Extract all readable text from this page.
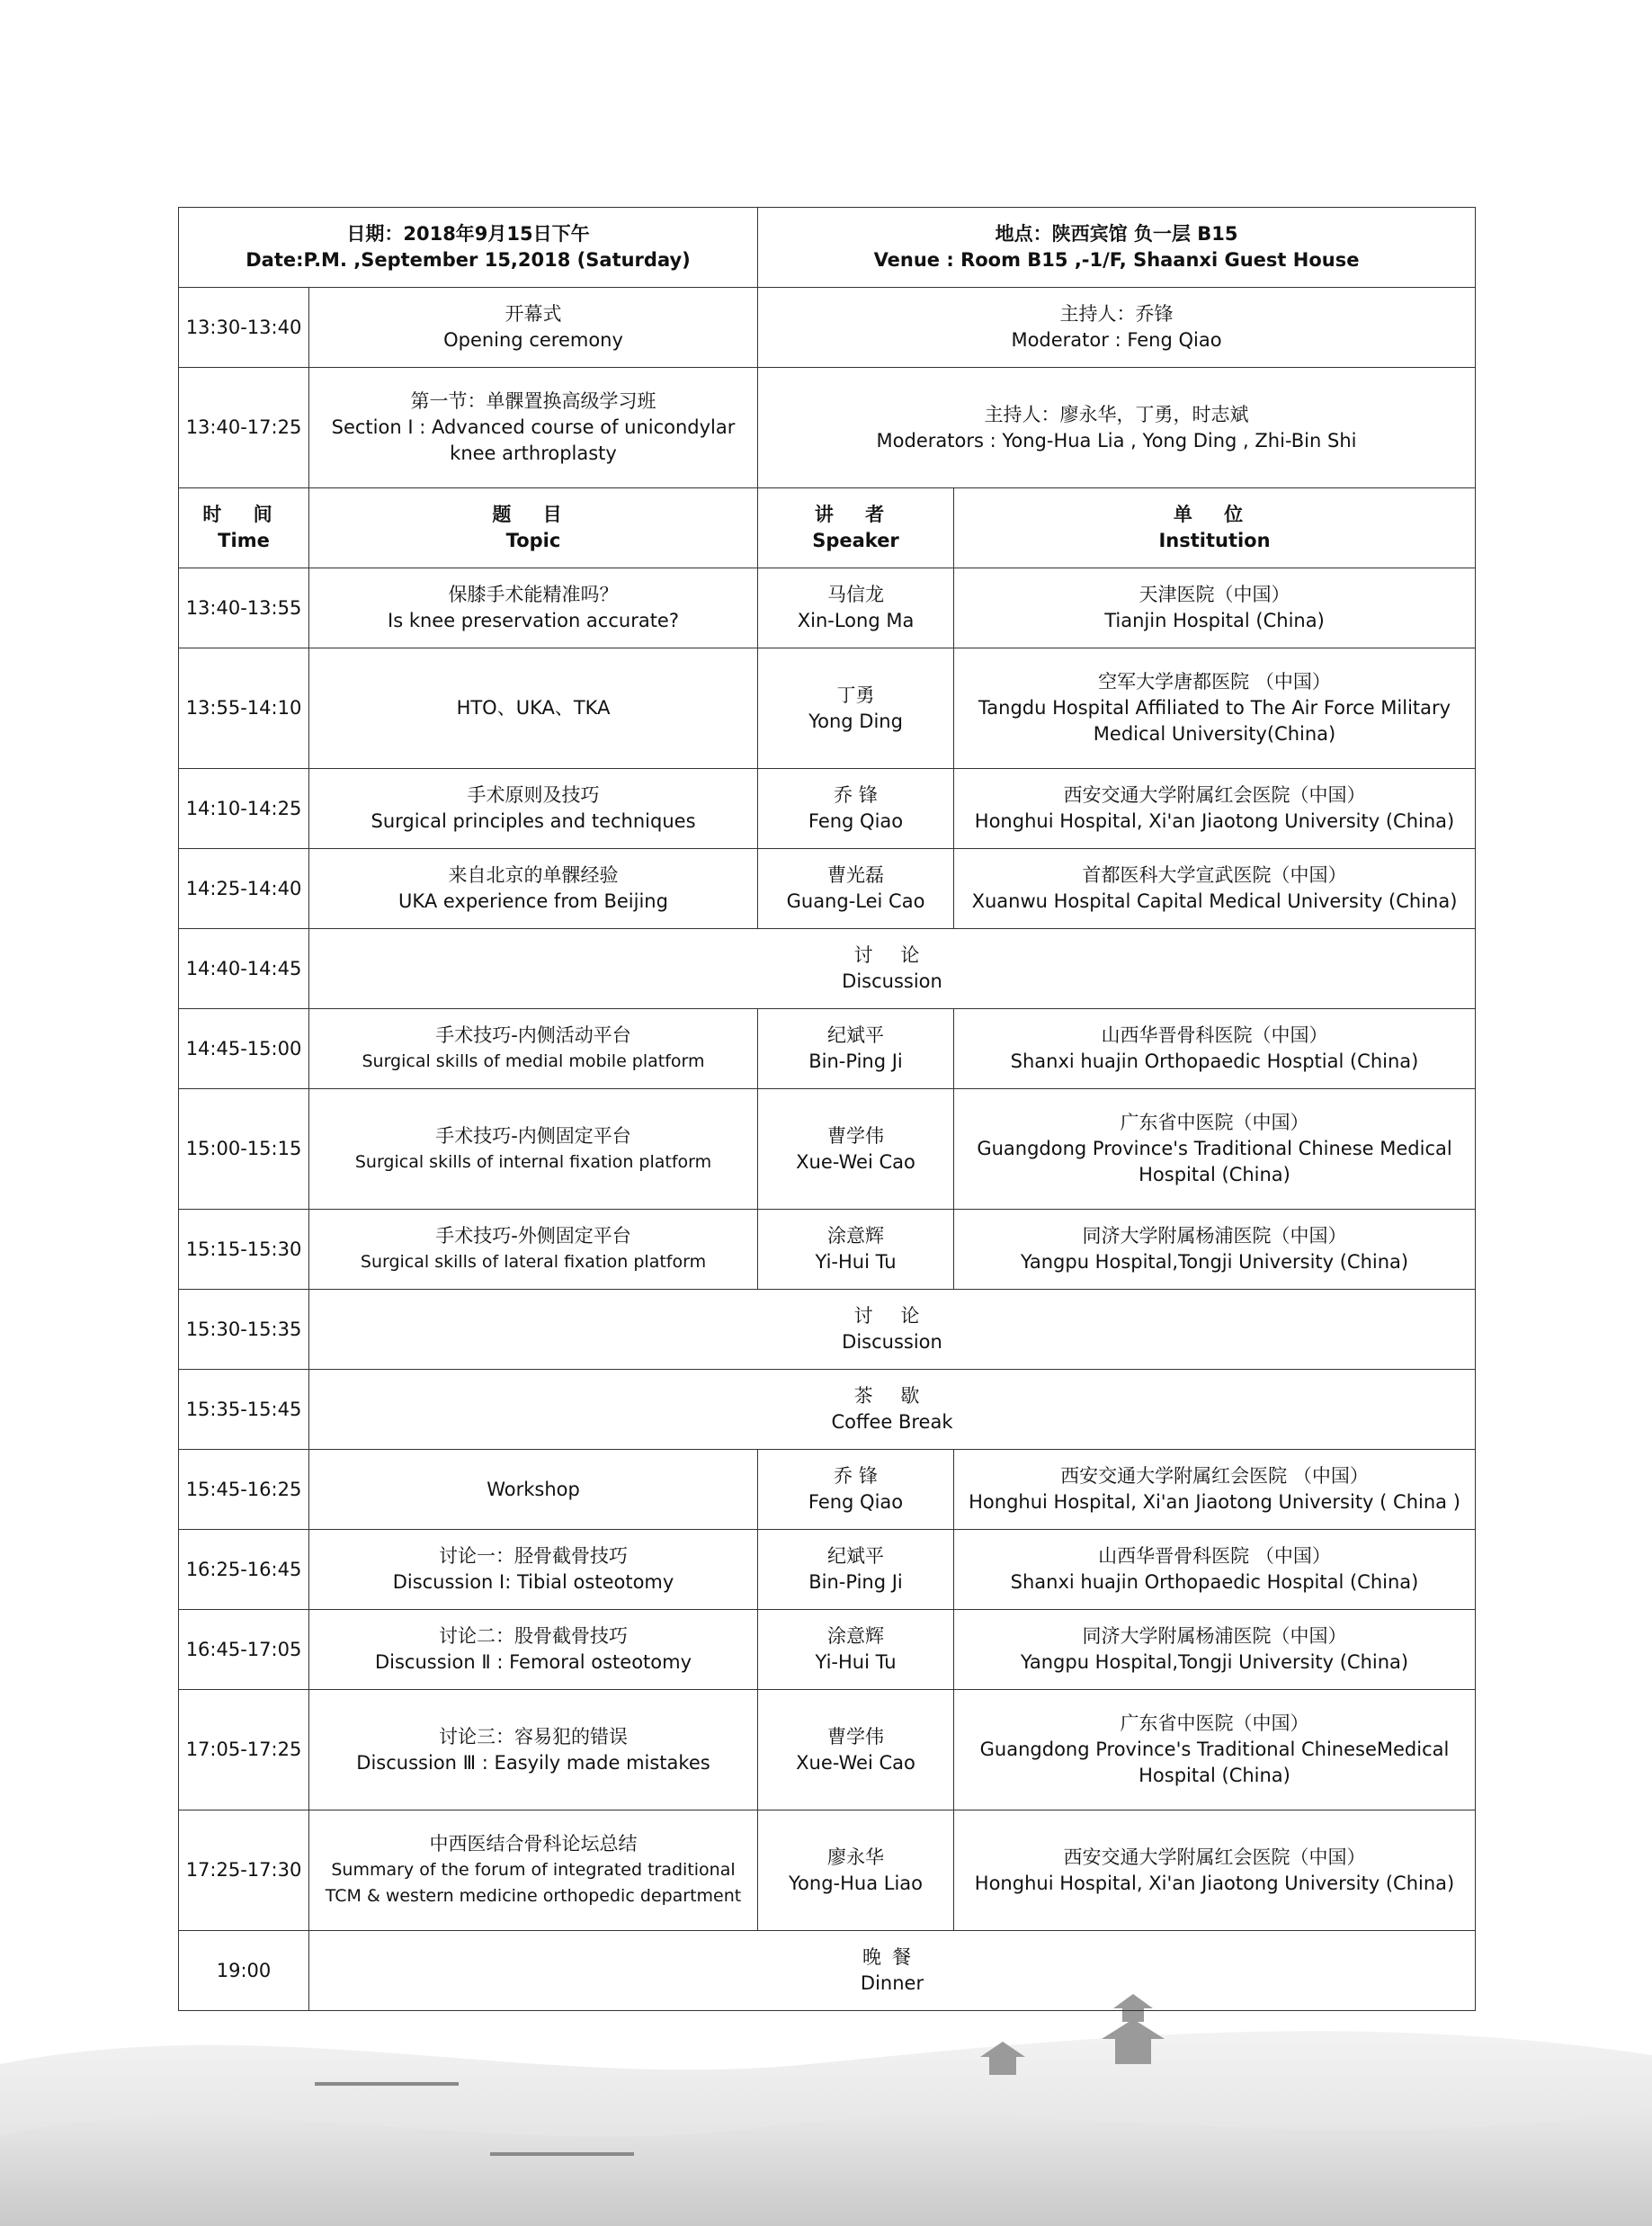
日期：2018年9月15日下午
Date:P.M. ,September 15,2018 (Saturday)		地点：陕西宾馆 负一层 B15
Venue : Room B15 ,-1/F, Shaanxi Guest House	

13:30-13:40	开幕式
Opening ceremony	主持人：乔锋
Moderator : Feng Qiao	

13:40-17:25	第一节：单髁置换高级学习班
Section Ⅰ : Advanced course of unicondylar
knee arthroplasty	主持人：廖永华，丁勇，时志斌
Moderators : Yong-Hua Lia , Yong Ding , Zhi-Bin Shi	

时 间
Time	题 目
Topic	讲 者
Speaker	单 位
Institution

13:40-13:55	保膝手术能精准吗？
Is knee preservation accurate?	马信龙
Xin-Long Ma	天津医院（中国）
Tianjin Hospital (China)

13:55-14:10	HTO、UKA、TKA	丁勇
Yong Ding	空军大学唐都医院 （中国）
Tangdu Hospital Affiliated to The Air Force Military
Medical University(China)

14:10-14:25	手术原则及技巧
Surgical principles and techniques	乔 锋
Feng Qiao	西安交通大学附属红会医院（中国）
Honghui Hospital, Xi'an Jiaotong University (China)

14:25-14:40	来自北京的单髁经验
UKA experience from Beijing	曹光磊
Guang-Lei Cao	首都医科大学宣武医院（中国）
Xuanwu Hospital Capital Medical University (China)

14:40-14:45	讨 论
Discussion		

14:45-15:00	手术技巧-内侧活动平台
Surgical skills of medial mobile platform	纪斌平
Bin-Ping Ji	山西华晋骨科医院（中国）
Shanxi huajin Orthopaedic Hosptial (China)

15:00-15:15	手术技巧-内侧固定平台
Surgical skills of internal fixation platform	曹学伟
Xue-Wei Cao	广东省中医院（中国）
Guangdong Province's Traditional Chinese Medical
Hospital (China)

15:15-15:30	手术技巧-外侧固定平台
Surgical skills of lateral fixation platform	涂意辉
Yi-Hui Tu	同济大学附属杨浦医院（中国）
Yangpu Hospital,Tongji University (China)

15:30-15:35	讨 论
Discussion		

15:35-15:45	茶 歇
Coffee Break		

15:45-16:25	Workshop	乔 锋
Feng Qiao	西安交通大学附属红会医院 （中国）
Honghui Hospital, Xi'an Jiaotong University ( China )

16:25-16:45	讨论一：胫骨截骨技巧
Discussion Ⅰ: Tibial osteotomy	纪斌平
Bin-Ping Ji	山西华晋骨科医院 （中国）
Shanxi huajin Orthopaedic Hospital (China)

16:45-17:05	讨论二：股骨截骨技巧
Discussion Ⅱ : Femoral osteotomy	涂意辉
Yi-Hui Tu	同济大学附属杨浦医院（中国）
Yangpu Hospital,Tongji University (China)

17:05-17:25	讨论三：容易犯的错误
Discussion Ⅲ : Easyily made mistakes	曹学伟
Xue-Wei Cao	广东省中医院（中国）
Guangdong Province's Traditional ChineseMedical
Hospital (China)

17:25-17:30	中西医结合骨科论坛总结
Summary of the forum of integrated traditional
TCM & western medicine orthopedic department	廖永华
Yong-Hua Liao	西安交通大学附属红会医院（中国）
Honghui Hospital, Xi'an Jiaotong University (China)

19:00	晚餐
Dinner		
